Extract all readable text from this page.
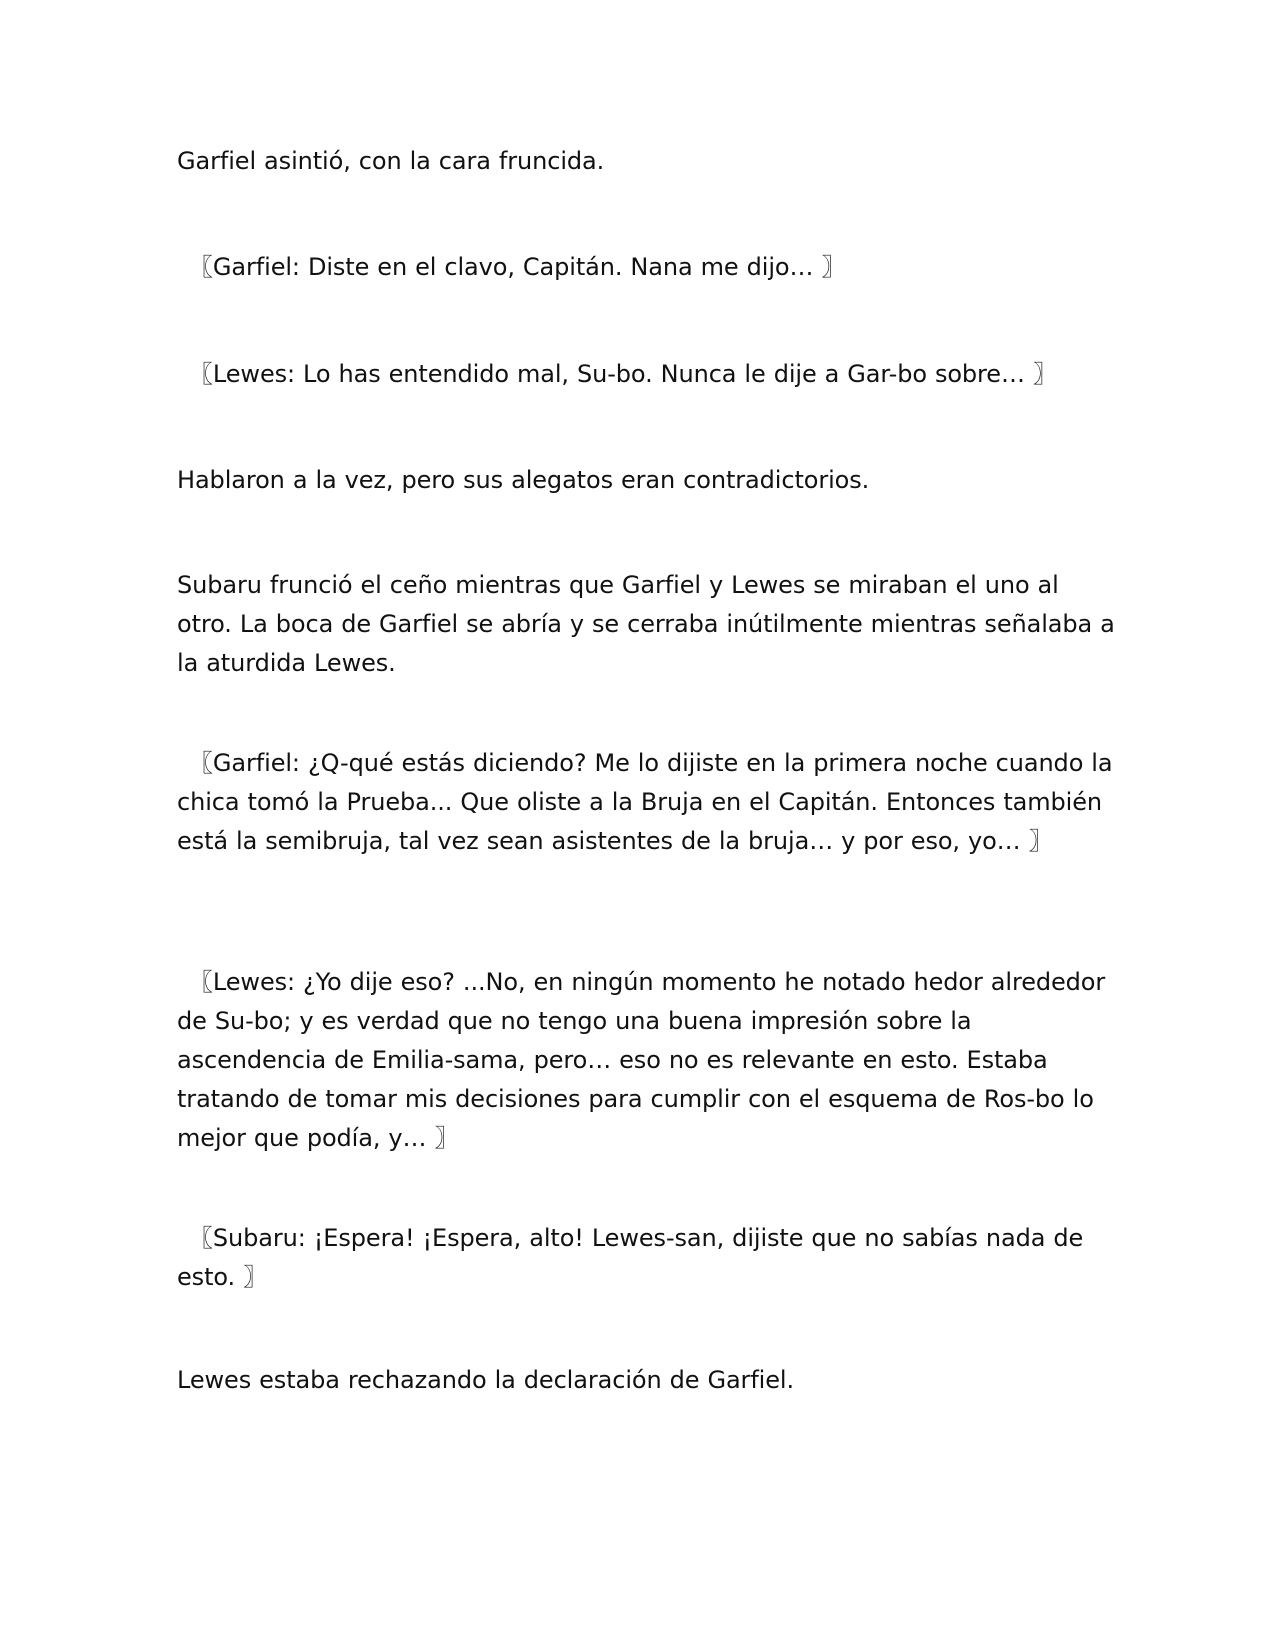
Garfiel asintió, con la cara fruncida.

〖Garfiel: Diste en el clavo, Capitán. Nana me dijo… 〗

〖Lewes: Lo has entendido mal, Su-bo. Nunca le dije a Gar-bo sobre… 〗

Hablaron a la vez, pero sus alegatos eran contradictorios.

Subaru frunció el ceño mientras que Garfiel y Lewes se miraban el uno al otro. La boca de Garfiel se abría y se cerraba inútilmente mientras señalaba a la aturdida Lewes.

〖Garfiel: ¿Q-qué estás diciendo? Me lo dijiste en la primera noche cuando la chica tomó la Prueba... Que oliste a la Bruja en el Capitán. Entonces también está la semibruja, tal vez sean asistentes de la bruja… y por eso, yo… 〗

〖Lewes: ¿Yo dije eso? ...No, en ningún momento he notado hedor alrededor de Su-bo; y es verdad que no tengo una buena impresión sobre la ascendencia de Emilia-sama, pero… eso no es relevante en esto. Estaba tratando de tomar mis decisiones para cumplir con el esquema de Ros-bo lo mejor que podía, y… 〗

〖Subaru: ¡Espera! ¡Espera, alto! Lewes-san, dijiste que no sabías nada de esto. 〗

Lewes estaba rechazando la declaración de Garfiel.
